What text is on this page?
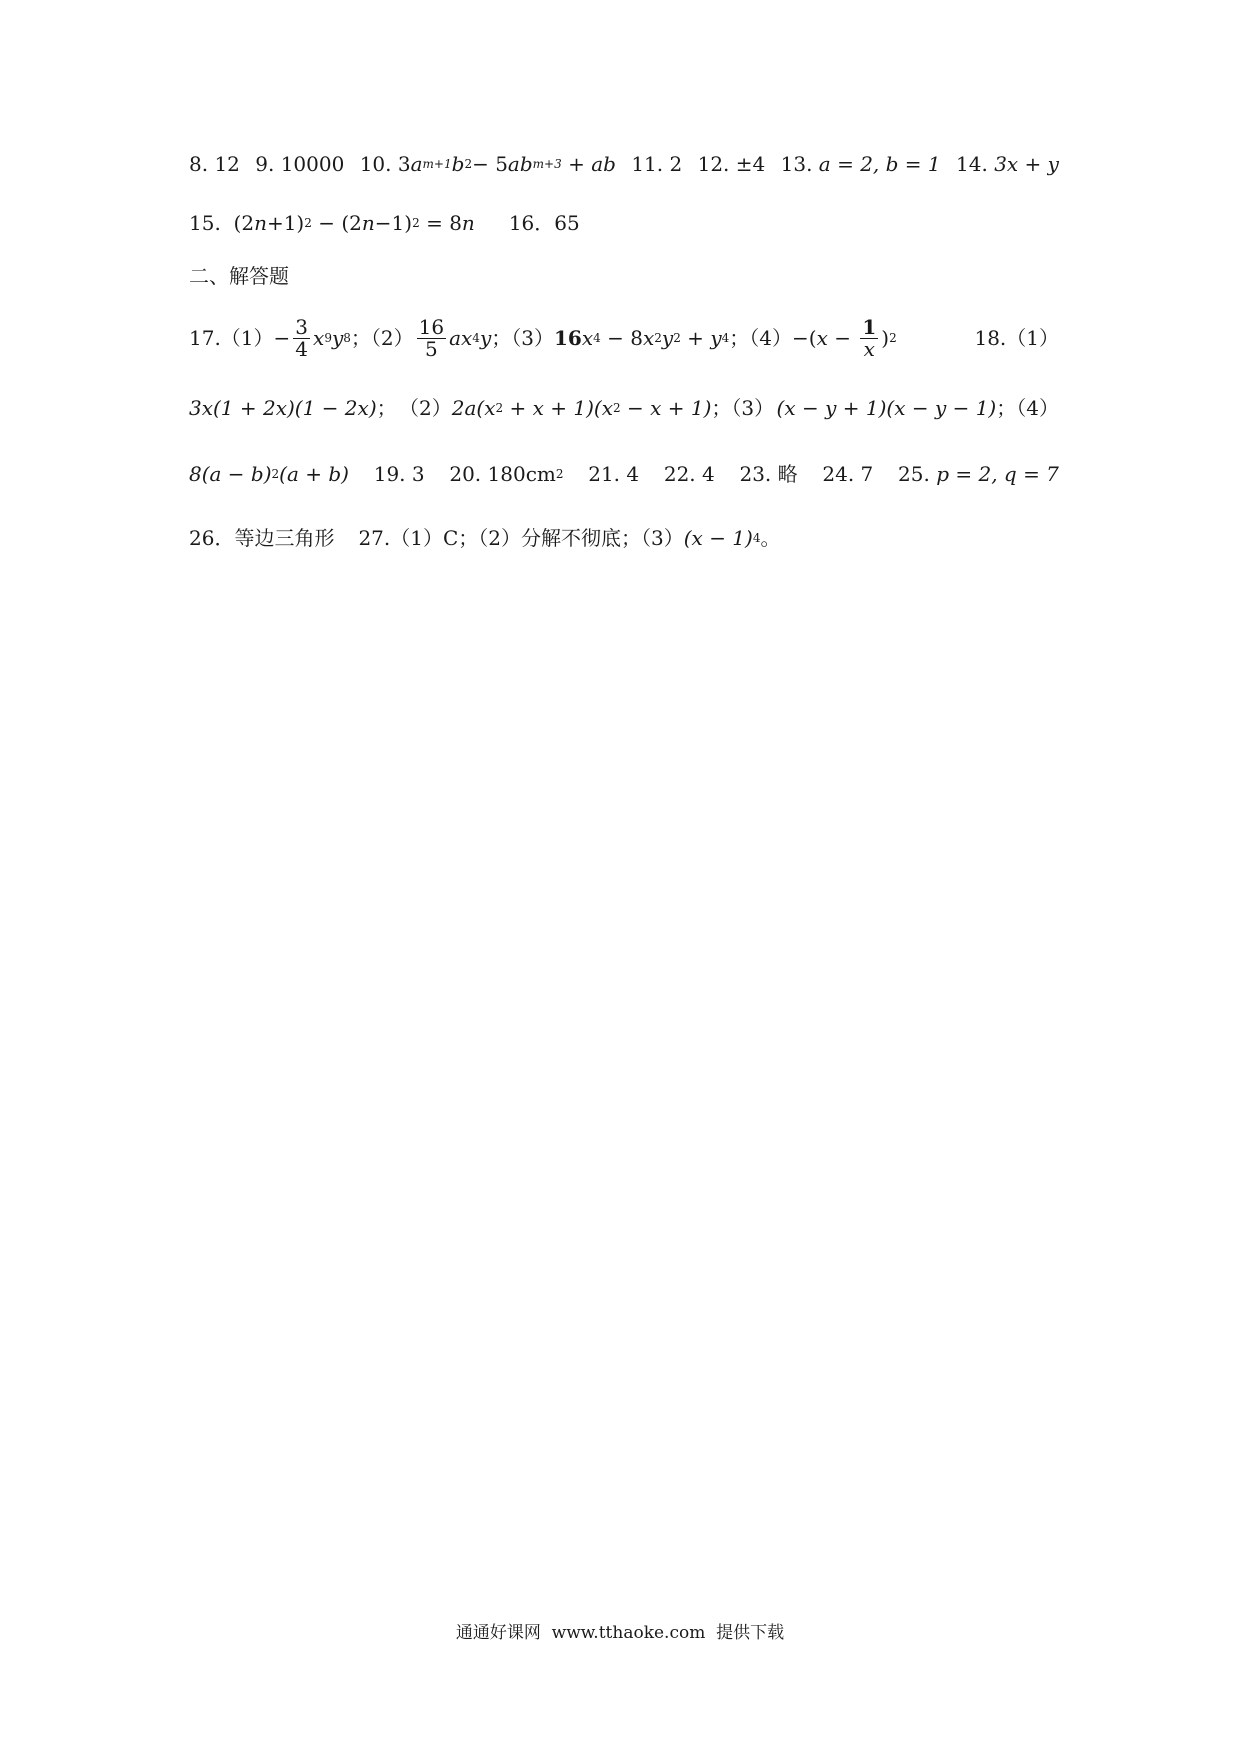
8. 12 9. 10000 10.
3 a m+1 b 2 − 5 ab m+3 + ab 11. 2 12. ±4 13.
a = 2, b = 1 14.
3x + y
15.
(2 n +1) 2 − (2 n −1) 2 = 8 n 16．65
二、解答题
$17.(1) - \frac{3}{4}$ x 9 y 8 ；$(2) \frac{16}{5}$ ax 4 y ；（3） 16 x 4 − 8 x 2 y 2 + y 4 ；（4） −( $x - \frac{1}{x}$ ) 2	18.（1）
3x(1 + 2x)(1 − 2x) ； （2） 2a(x 2 + x + 1)(x 2 − x + 1) ；（3） (x − y + 1)(x − y − 1) ；（4）
8(a − b) 2 (a + b) 19. 3 20.
180cm 2 21. 4 22. 4 23. 略 24. 7 25.
p = 2, q = 7
26．等边三角形 27.（1）C；（2）分解不彻底；（3） (x − 1) 4 。
通通好课网  www.tthaoke.com  提供下载
